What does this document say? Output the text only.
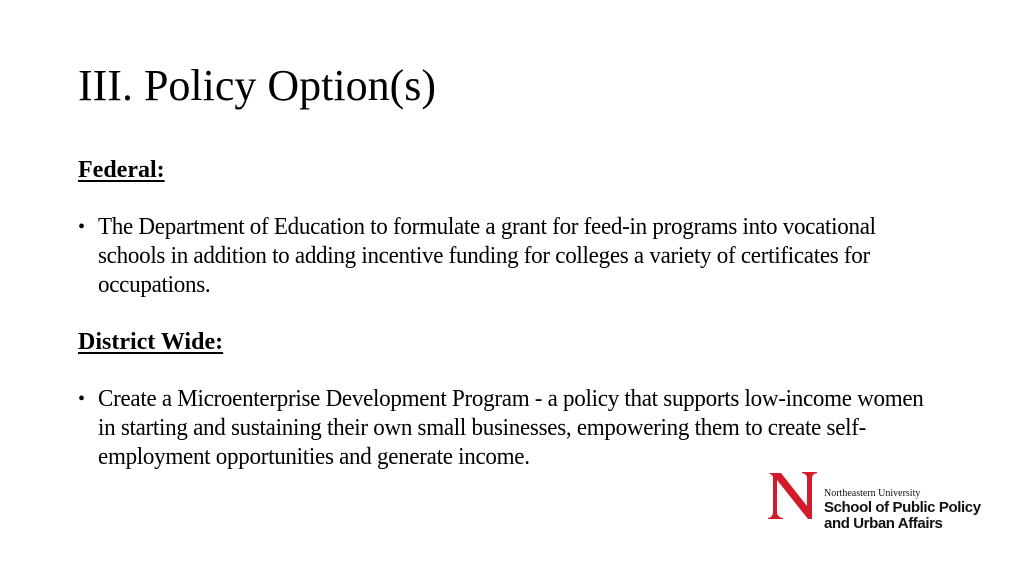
III. Policy Option(s)
Federal:
• The Department of Education to formulate a grant for feed-in programs into vocational schools in addition to adding incentive funding for colleges a variety of certificates for occupations.
District Wide:
• Create a Microenterprise Development Program - a policy that supports low-income women in starting and sustaining their own small businesses, empowering them to create self-employment opportunities and generate income.
Northeastern University
School of Public Policy
and Urban Affairs
